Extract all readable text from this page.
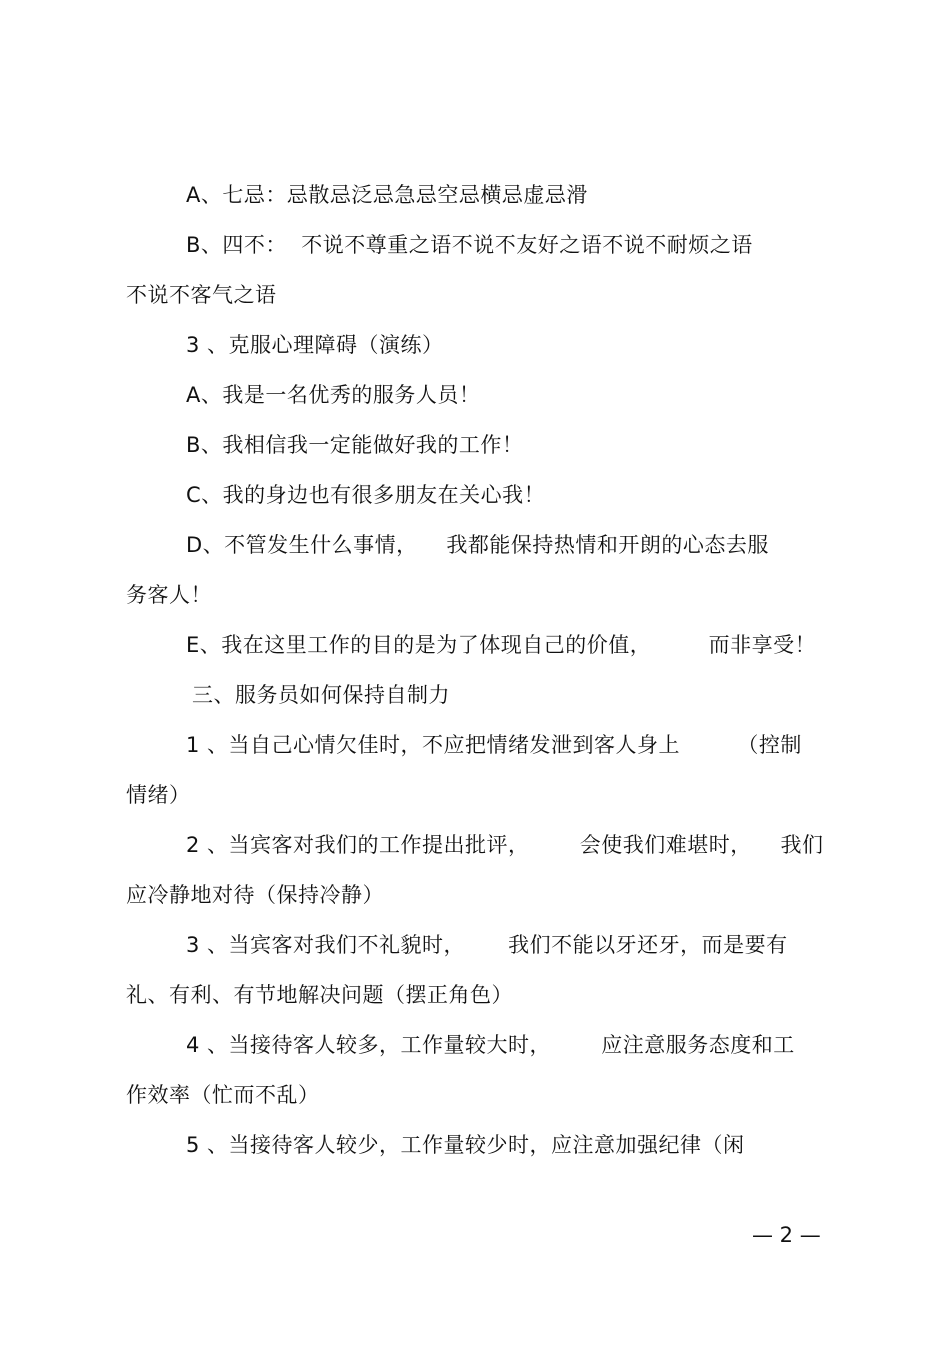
A、七忌：忌散忌泛忌急忌空忌横忌虚忌滑
B、四不：  不说不尊重之语不说不友好之语不说不耐烦之语
不说不客气之语
3 、克服心理障碍（演练）
A、我是一名优秀的服务人员！
B、我相信我一定能做好我的工作！
C、我的身边也有很多朋友在关心我！
D、不管发生什么事情，    我都能保持热情和开朗的心态去服
务客人！
E、我在这里工作的目的是为了体现自己的价值，        而非享受！
三、服务员如何保持自制力
1 、当自己心情欠佳时，不应把情绪发泄到客人身上        （控制
情绪）
2 、当宾客对我们的工作提出批评，       会使我们难堪时，    我们
应冷静地对待（保持冷静）
3 、当宾客对我们不礼貌时，      我们不能以牙还牙，而是要有
礼、有利、有节地解决问题（摆正角色）
4 、当接待客人较多，工作量较大时，       应注意服务态度和工
作效率（忙而不乱）
5 、当接待客人较少，工作量较少时，应注意加强纪律（闲
— 2 —
